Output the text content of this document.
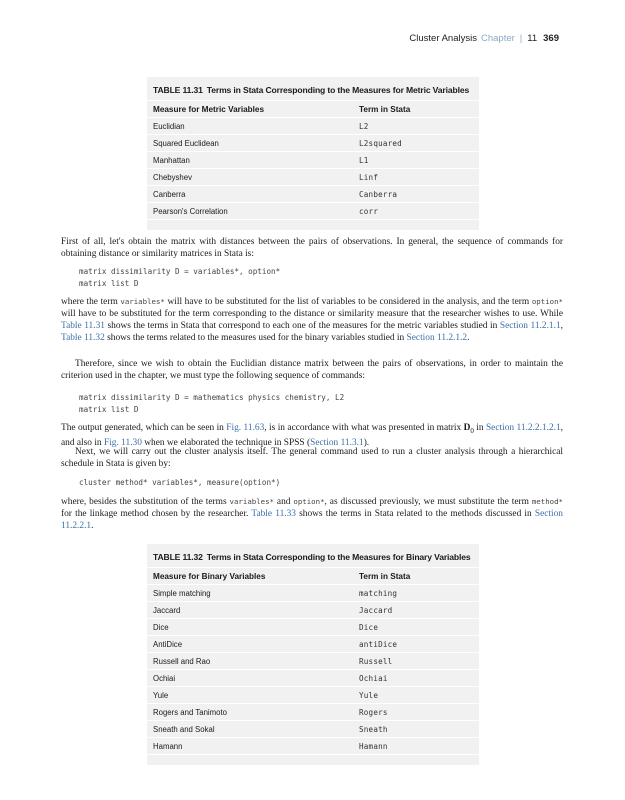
Cluster Analysis Chapter | 11 369
TABLE 11.31 Terms in Stata Corresponding to the Measures for Metric Variables
Measure for Metric Variables	Term in Stata
Euclidian	L2
Squared Euclidean	L2squared
Manhattan	L1
Chebyshev	Linf
Canberra	Canberra
Pearson's Correlation	corr

First of all, let's obtain the matrix with distances between the pairs of observations. In general, the sequence of commands for obtaining distance or similarity matrices in Stata is:

matrix dissimilarity D = variables*, option*
matrix list D

where the term variables* will have to be substituted for the list of variables to be considered in the analysis, and the term option* will have to be substituted for the term corresponding to the distance or similarity measure that the researcher wishes to use. While Table 11.31 shows the terms in Stata that correspond to each one of the measures for the metric variables studied in Section 11.2.1.1, Table 11.32 shows the terms related to the measures used for the binary variables studied in Section 11.2.1.2.

Therefore, since we wish to obtain the Euclidian distance matrix between the pairs of observations, in order to maintain the criterion used in the chapter, we must type the following sequence of commands:

matrix dissimilarity D = mathematics physics chemistry, L2
matrix list D

The output generated, which can be seen in Fig. 11.63, is in accordance with what was presented in matrix $D_0$ in Section 11.2.2.1.2.1, and also in Fig. 11.30 when we elaborated the technique in SPSS (Section 11.3.1).

Next, we will carry out the cluster analysis itself. The general command used to run a cluster analysis through a hierarchical schedule in Stata is given by:

cluster method* variables*, measure(option*)

where, besides the substitution of the terms variables* and option*, as discussed previously, we must substitute the term method* for the linkage method chosen by the researcher. Table 11.33 shows the terms in Stata related to the methods discussed in Section 11.2.2.1.

TABLE 11.32 Terms in Stata Corresponding to the Measures for Binary Variables
Measure for Binary Variables	Term in Stata
Simple matching	matching
Jaccard	Jaccard
Dice	Dice
AntiDice	antiDice
Russell and Rao	Russell
Ochiai	Ochiai
Yule	Yule
Rogers and Tanimoto	Rogers
Sneath and Sokal	Sneath
Hamann	Hamann
